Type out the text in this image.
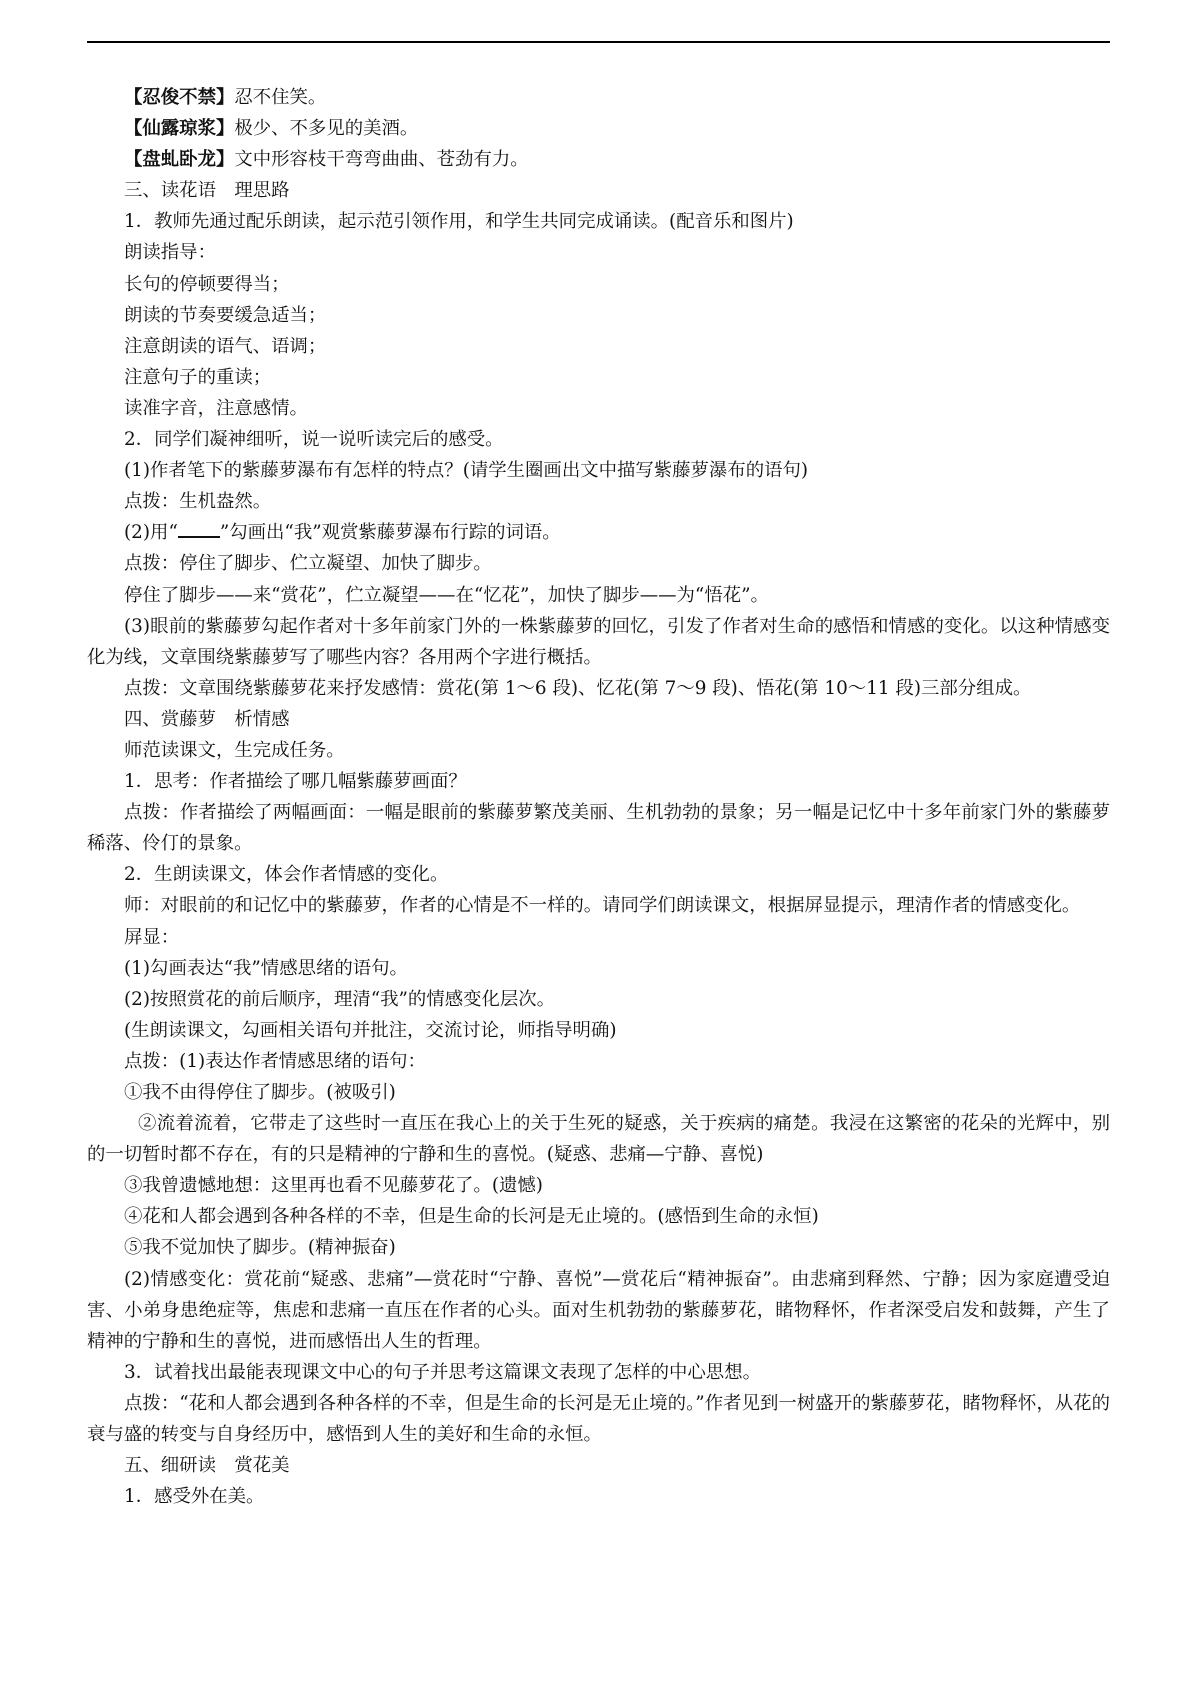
【忍俊不禁】忍不住笑。

【仙露琼浆】极少、不多见的美酒。

【盘虬卧龙】文中形容枝干弯弯曲曲、苍劲有力。

三、读花语　理思路

1．教师先通过配乐朗读，起示范引领作用，和学生共同完成诵读。(配音乐和图片)

朗读指导：

长句的停顿要得当；

朗读的节奏要缓急适当；

注意朗读的语气、语调；

注意句子的重读；

读准字音，注意感情。

2．同学们凝神细听，说一说听读完后的感受。

(1)作者笔下的紫藤萝瀑布有怎样的特点？(请学生圈画出文中描写紫藤萝瀑布的语句)

点拨：生机盎然。

(2)用“ ”勾画出“我”观赏紫藤萝瀑布行踪的词语。

点拨：停住了脚步、伫立凝望、加快了脚步。

停住了脚步——来“赏花”，伫立凝望——在“忆花”，加快了脚步——为“悟花”。

(3)眼前的紫藤萝勾起作者对十多年前家门外的一株紫藤萝的回忆，引发了作者对生命的感悟和情感的变化。以这种情感变化为线，文章围绕紫藤萝写了哪些内容？各用两个字进行概括。

点拨：文章围绕紫藤萝花来抒发感情：赏花(第 1～6 段)、忆花(第 7～9 段)、悟花(第 10～11 段)三部分组成。

四、赏藤萝　析情感

师范读课文，生完成任务。

1．思考：作者描绘了哪几幅紫藤萝画面？

点拨：作者描绘了两幅画面：一幅是眼前的紫藤萝繁茂美丽、生机勃勃的景象；另一幅是记忆中十多年前家门外的紫藤萝稀落、伶仃的景象。

2．生朗读课文，体会作者情感的变化。

师：对眼前的和记忆中的紫藤萝，作者的心情是不一样的。请同学们朗读课文，根据屏显提示，理清作者的情感变化。

屏显：

(1)勾画表达“我”情感思绪的语句。

(2)按照赏花的前后顺序，理清“我”的情感变化层次。

(生朗读课文，勾画相关语句并批注，交流讨论，师指导明确)

点拨：(1)表达作者情感思绪的语句：

①我不由得停住了脚步。(被吸引)

②流着流着，它带走了这些时一直压在我心上的关于生死的疑惑，关于疾病的痛楚。我浸在这繁密的花朵的光辉中，别的一切暂时都不存在，有的只是精神的宁静和生的喜悦。(疑惑、悲痛—宁静、喜悦)

③我曾遗憾地想：这里再也看不见藤萝花了。(遗憾)

④花和人都会遇到各种各样的不幸，但是生命的长河是无止境的。(感悟到生命的永恒)

⑤我不觉加快了脚步。(精神振奋)

(2)情感变化：赏花前“疑惑、悲痛”—赏花时“宁静、喜悦”—赏花后“精神振奋”。由悲痛到释然、宁静；因为家庭遭受迫害、小弟身患绝症等，焦虑和悲痛一直压在作者的心头。面对生机勃勃的紫藤萝花，睹物释怀，作者深受启发和鼓舞，产生了精神的宁静和生的喜悦，进而感悟出人生的哲理。

3．试着找出最能表现课文中心的句子并思考这篇课文表现了怎样的中心思想。

点拨：“花和人都会遇到各种各样的不幸，但是生命的长河是无止境的。”作者见到一树盛开的紫藤萝花，睹物释怀，从花的衰与盛的转变与自身经历中，感悟到人生的美好和生命的永恒。

五、细研读　赏花美

1．感受外在美。
